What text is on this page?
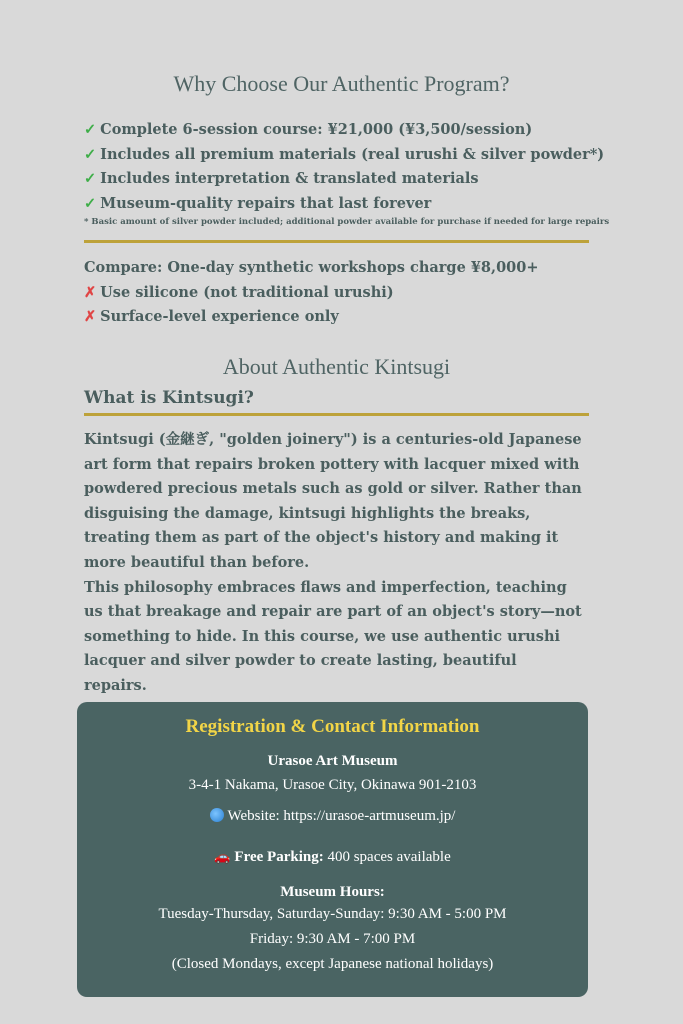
Why Choose Our Authentic Program?
✓ Complete 6-session course: ¥21,000 (¥3,500/session)
✓ Includes all premium materials (real urushi & silver powder*)
✓ Includes interpretation & translated materials
✓ Museum-quality repairs that last forever
* Basic amount of silver powder included; additional powder available for purchase if needed for large repairs
Compare: One-day synthetic workshops charge ¥8,000+
✗ Use silicone (not traditional urushi)
✗ Surface-level experience only
About Authentic Kintsugi
What is Kintsugi?

Kintsugi (金継ぎ, "golden joinery") is a centuries-old Japanese art form that repairs broken pottery with lacquer mixed with powdered precious metals such as gold or silver. Rather than disguising the damage, kintsugi highlights the breaks, treating them as part of the object's history and making it more beautiful than before.

This philosophy embraces flaws and imperfection, teaching us that breakage and repair are part of an object's story—not something to hide. In this course, we use authentic urushi lacquer and silver powder to create lasting, beautiful repairs.

Registration & Contact Information
Urasoe Art Museum
3-4-1 Nakama, Urasoe City, Okinawa 901-2103
Website: https://urasoe-artmuseum.jp/
🚗 Free Parking: 400 spaces available
Museum Hours:
Tuesday-Thursday, Saturday-Sunday: 9:30 AM - 5:00 PM
Friday: 9:30 AM - 7:00 PM
(Closed Mondays, except Japanese national holidays)
